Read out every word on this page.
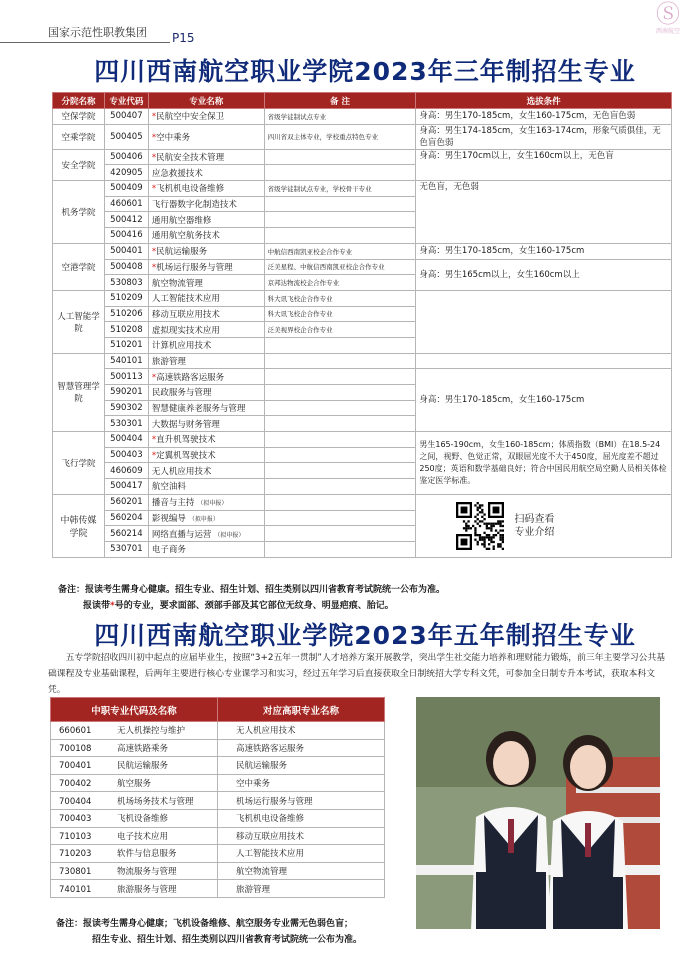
国家示范性职教集团 P15
Ⓢ
西南航空
四川西南航空职业学院2023年三年制招生专业
分院名称	专业代码	专业名称	备 注	选拔条件
空保学院	500407	*民航空中安全保卫	省级学徒制试点专业	身高：男生170-185cm，女生160-175cm，无色盲色弱
空乘学院	500405	*空中乘务	四川省双主体专业，学校重点特色专业	身高：男生174-185cm，女生163-174cm，形象气质俱佳，无色盲色弱
安全学院	500406	*民航安全技术管理		身高：男生170cm以上，女生160cm以上，无色盲
	420905	应急救援技术		
机务学院	500409	*飞机机电设备维修	省级学徒制试点专业，学校骨干专业	无色盲，无色弱
	460601	飞行器数字化制造技术		
	500412	通用航空器维修		
	500416	通用航空航务技术		
空港学院	500401	*民航运输服务	中航信西南凯亚校企合作专业	身高：男生170-185cm，女生160-175cm
	500408	*机场运行服务与管理	泛美星程、中航信西南凯亚校企合作专业	身高：男生165cm以上，女生160cm以上
	530803	航空物流管理	京邦达物流校企合作专业	
人工智能学院	510209	人工智能技术应用	科大讯飞校企合作专业	
	510206	移动互联应用技术	科大讯飞校企合作专业	
	510208	虚拟现实技术应用	泛美视界校企合作专业	
	510201	计算机应用技术		
智慧管理学院	540101	旅游管理		
	500113	*高速铁路客运服务		身高：男生170-185cm，女生160-175cm
	590201	民政服务与管理		
	590302	智慧健康养老服务与管理		
	530301	大数据与财务管理		
飞行学院	500404	*直升机驾驶技术		男生165-190cm，女生160-185cm；体质指数（BMI）在18.5-24之间，视野、色觉正常，双眼屈光度不大于450度，屈光度差不超过250度；英语和数学基础良好；符合中国民用航空局空勤人员相关体检鉴定医学标准。
	500403	*定翼机驾驶技术		
	460609	无人机应用技术		
	500417	航空油料		
中韩传媒学院	560201	播音与主持 （拟申报）		扫码查看
专业介绍

	560204	影视编导 （拟申报）		
	560214	网络直播与运营 （拟申报）		
	530701	电子商务		
备注：报读考生需身心健康。招生专业、招生计划、招生类别以四川省教育考试院统一公布为准。
报读带*号的专业，要求面部、颈部手部及其它部位无纹身、明显疤痕、胎记。
四川西南航空职业学院2023年五年制招生专业
五专学院招收四川初中起点的应届毕业生，按照“3+2五年一贯制”人才培养方案开展教学，突出学生社交能力培养和理财能力锻炼，前三年主要学习公共基础课程及专业基础课程，后两年主要进行核心专业课学习和实习，经过五年学习后直接获取全日制统招大学专科文凭，可参加全日制专升本考试，获取本科文凭。
中职专业代码及名称	对应高职专业名称
660601 无人机操控与维护	无人机应用技术
700108 高速铁路乘务	高速铁路客运服务
700401 民航运输服务	民航运输服务
700402 航空服务	空中乘务
700404 机场场务技术与管理	机场运行服务与管理
700403 飞机设备维修	飞机机电设备维修
710103 电子技术应用	移动互联应用技术
710203 软件与信息服务	人工智能技术应用
730801 物流服务与管理	航空物流管理
740101 旅游服务与管理	旅游管理
备注：报读考生需身心健康；飞机设备维修、航空服务专业需无色弱色盲；
招生专业、招生计划、招生类别以四川省教育考试院统一公布为准。
